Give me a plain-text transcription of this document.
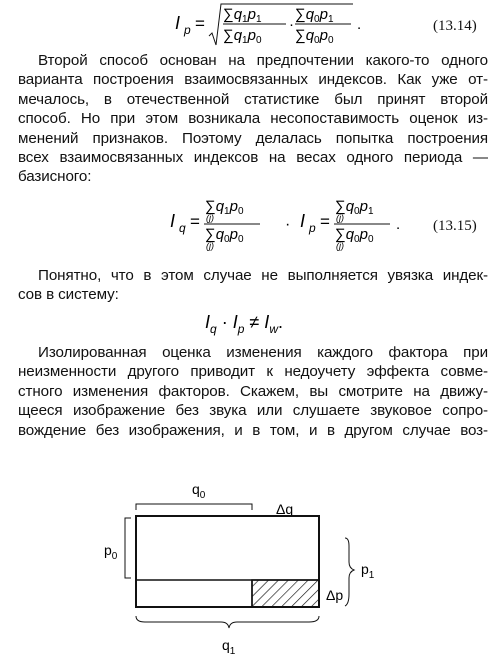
I $p = \sum q_1p_1$
$\sum q_1p_0$
·
$\sum q_0p_1$
$\sum q_0p_0$
.	(13.14)
Второй способ основан на предпочтении какого-то одного
варианта построения взаимосвязанных индексов. Как уже от-
мечалось, в отечественной статистике был принят второй
способ. Но при этом возникала несопоставимость оценок из-
менений признаков. Поэтому делалась попытка построения
всех взаимосвязанных индексов на весах одного периода —
базисного:
I q =
$\sum q_1p_0$
(j)
$\sum q_0p_0$
(j)
· I p =
$\sum q_0p_1$
(j)
$\sum q_0p_0$
(j)
. (13.15)
Понятно, что в этом случае не выполняется увязка индек-
сов в систему:
$I_q \cdot I_p \ne I_w$.
Изолированная оценка изменения каждого фактора при
неизменности другого приводит к недоучету эффекта совме-
стного изменения факторов. Скажем, вы смотрите на движу-
щееся изображение без звука или слушаете звуковое сопро-
вождение без изображения, и в том, и в другом случае воз-
$q_0$
Δq
$p_0$
$p_1$
Δp
$q_1$
